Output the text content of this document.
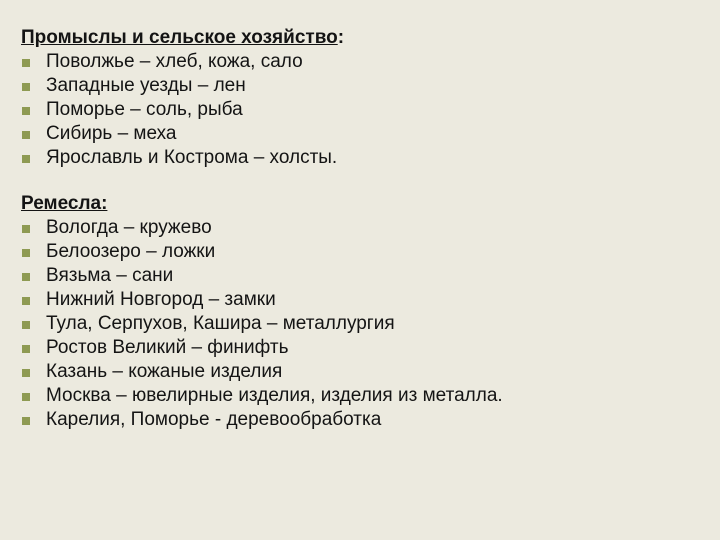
Промыслы и сельское хозяйство:
Поволжье – хлеб, кожа, сало
Западные уезды – лен
Поморье – соль, рыба
Сибирь – меха
Ярославль и Кострома – холсты.
Ремесла:
Вологда – кружево
Белоозеро – ложки
Вязьма – сани
Нижний Новгород – замки
Тула, Серпухов, Кашира – металлургия
Ростов Великий – финифть
Казань – кожаные изделия
Москва – ювелирные изделия, изделия из металла.
Карелия, Поморье - деревообработка
